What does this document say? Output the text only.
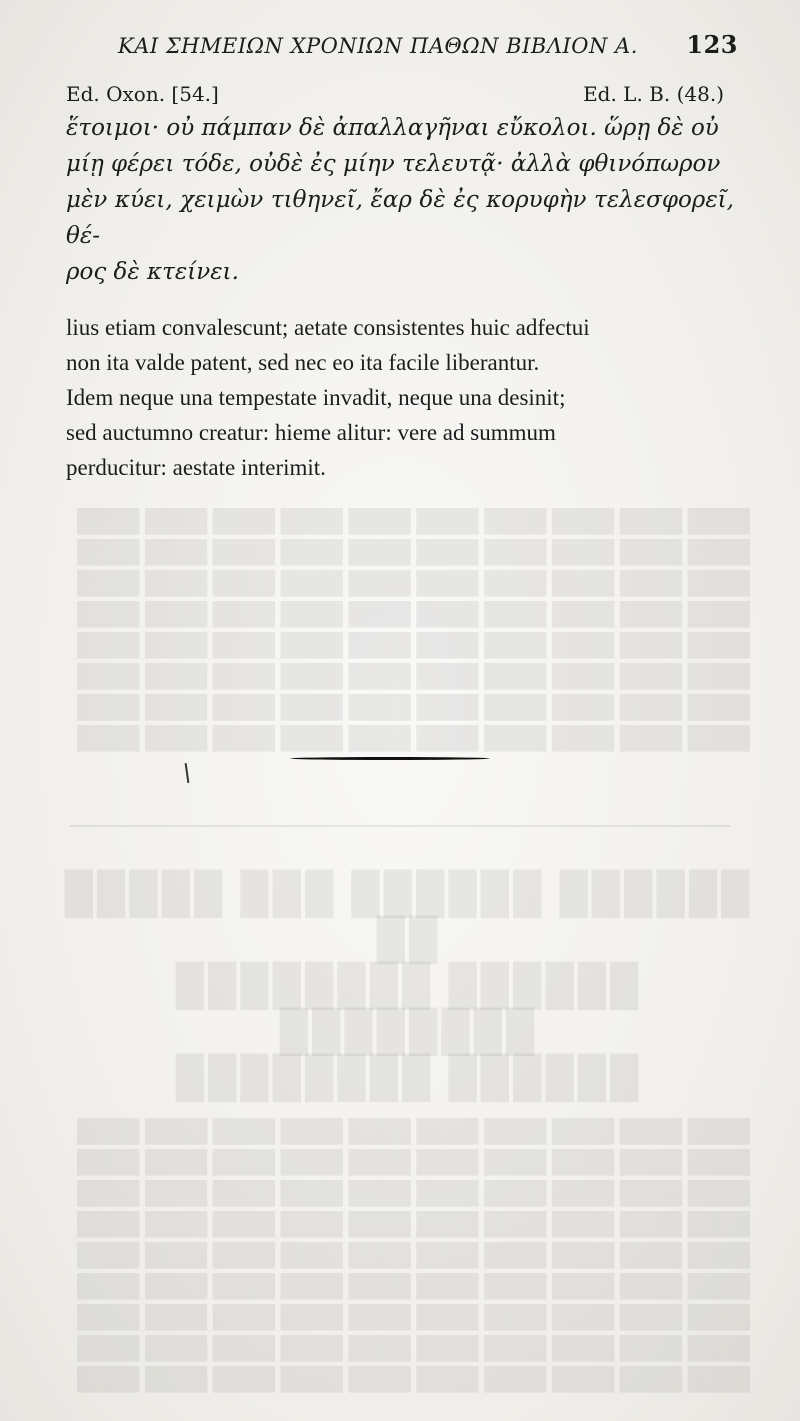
████ ████ ████ ████ ████ ████ ████ ████ ████ ████
████ ████ ████ ████ ████ ████ ████ ████ ████ ████
████ ████ ████ ████ ████ ████ ████ ████ ████ ████
████ ████ ████ ████ ████ ████ ████ ████ ████ ████
████ ████ ████ ████ ████ ████ ████ ████ ████ ████
████ ████ ████ ████ ████ ████ ████ ████ ████ ████
████ ████ ████ ████ ████ ████ ████ ████ ████ ████
████ ████ ████ ████ ████ ████ ████ ████ ████ ████
██████ ██████ ███ █████ ██
██████ ████████ ████████
██████ ████████
████ ████ ████ ████ ████ ████ ████ ████ ████ ████
████ ████ ████ ████ ████ ████ ████ ████ ████ ████
████ ████ ████ ████ ████ ████ ████ ████ ████ ████
████ ████ ████ ████ ████ ████ ████ ████ ████ ████
████ ████ ████ ████ ████ ████ ████ ████ ████ ████
████ ████ ████ ████ ████ ████ ████ ████ ████ ████
████ ████ ████ ████ ████ ████ ████ ████ ████ ████
████ ████ ████ ████ ████ ████ ████ ████ ████ ████
████ ████ ████ ████ ████ ████ ████ ████ ████ ████
ΚΑΙ ΣΗΜΕΙΩΝ ΧΡΟΝΙΩΝ ΠΑΘΩΝ ΒΙΒΛΙΟΝ Α. 123
Ed. Oxon. [54.]	Ed. L. B. (48.)
ἕτοιμοι· οὐ πάμπαν δὲ ἀπαλλαγῆναι εὔκολοι. ὥρῃ δὲ οὐ
μίῃ φέρει τόδε, οὐδὲ ἐς μίην τελευτᾷ· ἀλλὰ φθινόπωρον
μὲν κύει, χειμὼν τιθηνεῖ, ἔαρ δὲ ἐς κορυφὴν τελεσφορεῖ, θέ-
ρος δὲ κτείνει.
lius etiam convalescunt; aetate consistentes huic adfectui
non ita valde patent, sed nec eo ita facile liberantur.
Idem neque una tempestate invadit, neque una desinit;
sed auctumno creatur: hieme alitur: vere ad summum
perducitur: aestate interimit.
